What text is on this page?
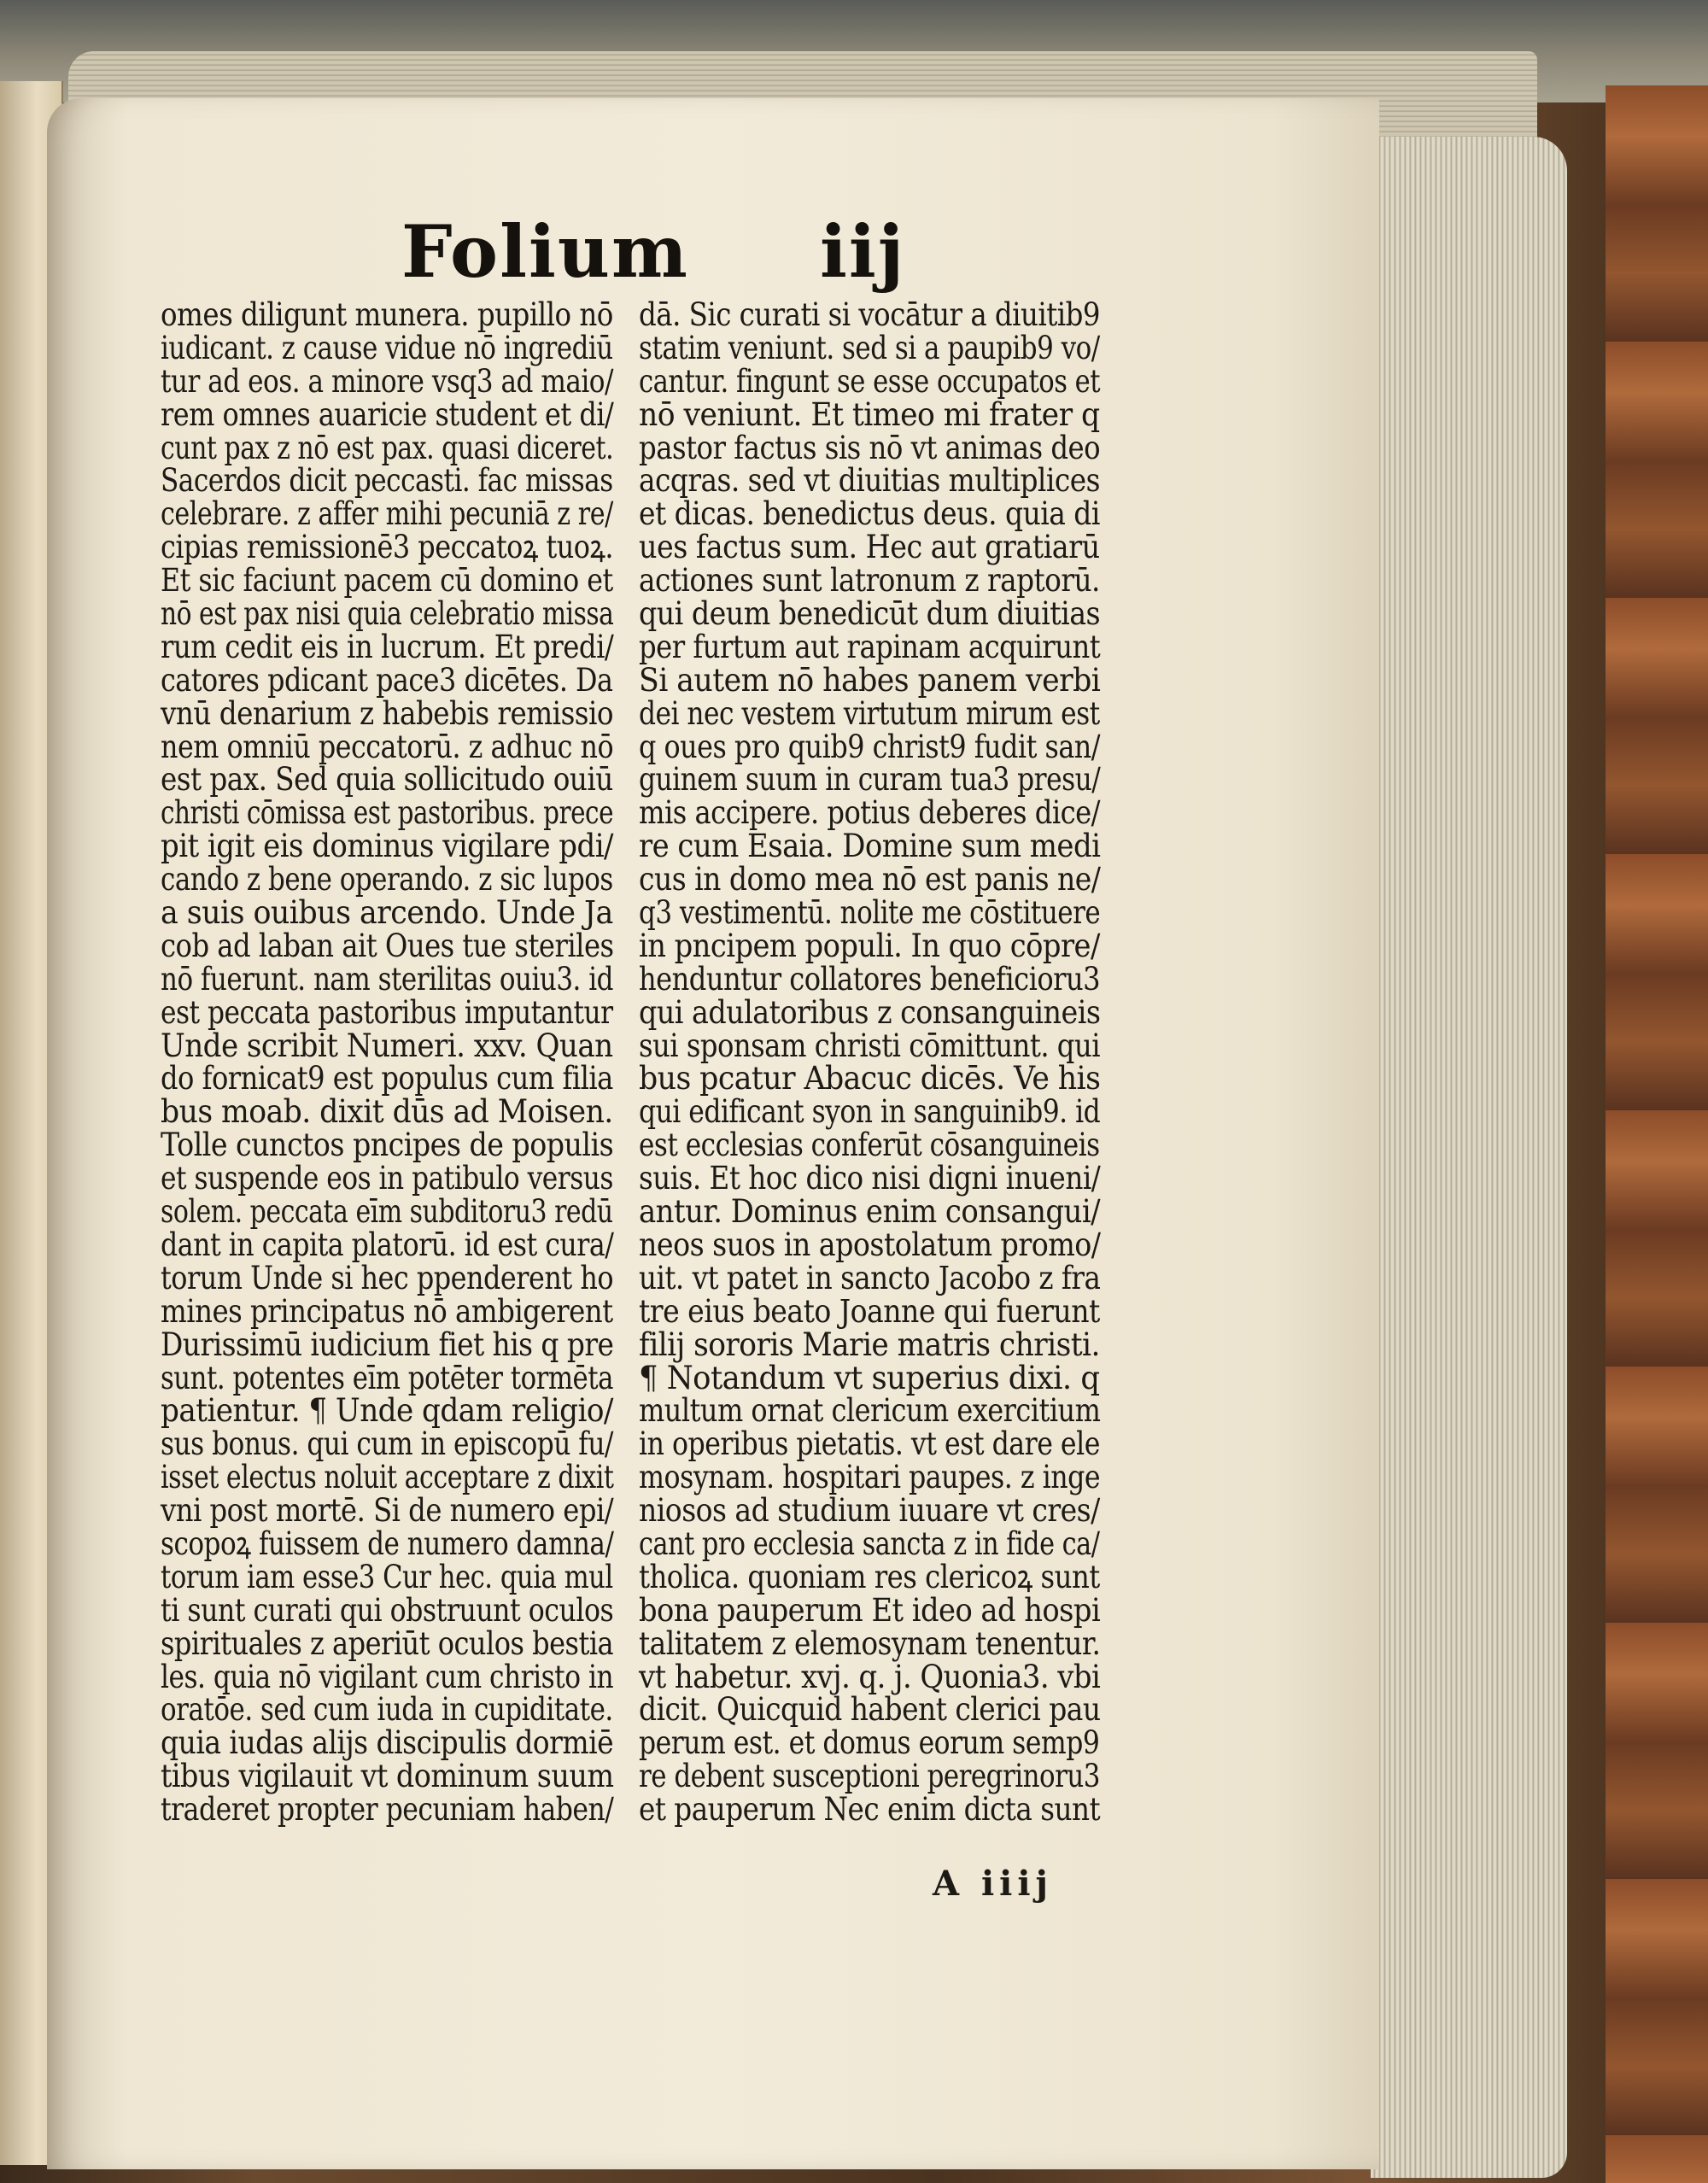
Folium iij
omes diligunt munera. pupillo nō
iudicant. z cause vidue nō ingrediū
tur ad eos. a minore vsq3 ad maio/
rem omnes auaricie student et di/
cunt pax z nō est pax. quasi diceret.
Sacerdos dicit peccasti. fac missas
celebrare. z affer mihi pecuniā z re/
cipias remissionē3 peccatoꝝ tuoꝝ.
Et sic faciunt pacem cū domino et
nō est pax nisi quia celebratio missa
rum cedit eis in lucrum. Et predi/
catores pdicant pace3 dicētes. Da
vnū denarium z habebis remissio
nem omniū peccatorū. z adhuc nō
est pax. Sed quia sollicitudo ouiū
christi cōmissa est pastoribus. prece
pit igit eis dominus vigilare pdi/
cando z bene operando. z sic lupos
a suis ouibus arcendo. Unde Ja
cob ad laban ait Oues tue steriles
nō fuerunt. nam sterilitas ouiu3. id
est peccata pastoribus imputantur
Unde scribit Numeri. xxv. Quan
do fornicat9 est populus cum filia
bus moab. dixit dūs ad Moisen.
Tolle cunctos pncipes de populis
et suspende eos in patibulo versus
solem. peccata eīm subditoru3 redū
dant in capita platorū. id est cura/
torum Unde si hec ppenderent ho
mines principatus nō ambigerent
Durissimū iudicium fiet his q pre
sunt. potentes eīm potēter tormēta
patientur. ¶ Unde qdam religio/
sus bonus. qui cum in episcopū fu/
isset electus noluit acceptare z dixit
vni post mortē. Si de numero epi/
scopoꝝ fuissem de numero damna/
torum iam esse3 Cur hec. quia mul
ti sunt curati qui obstruunt oculos
spirituales z aperiūt oculos bestia
les. quia nō vigilant cum christo in
oratōe. sed cum iuda in cupiditate.
quia iudas alijs discipulis dormiē
tibus vigilauit vt dominum suum
traderet propter pecuniam haben/
dā. Sic curati si vocātur a diuitib9
statim veniunt. sed si a paupib9 vo/
cantur. fingunt se esse occupatos et
nō veniunt. Et timeo mi frater q
pastor factus sis nō vt animas deo
acqras. sed vt diuitias multiplices
et dicas. benedictus deus. quia di
ues factus sum. Hec aut gratiarū
actiones sunt latronum z raptorū.
qui deum benedicūt dum diuitias
per furtum aut rapinam acquirunt
Si autem nō habes panem verbi
dei nec vestem virtutum mirum est
q oues pro quib9 christ9 fudit san/
guinem suum in curam tua3 presu/
mis accipere. potius deberes dice/
re cum Esaia. Domine sum medi
cus in domo mea nō est panis ne/
q3 vestimentū. nolite me cōstituere
in pncipem populi. In quo cōpre/
henduntur collatores beneficioru3
qui adulatoribus z consanguineis
sui sponsam christi cōmittunt. qui
bus pcatur Abacuc dicēs. Ve his
qui edificant syon in sanguinib9. id
est ecclesias conferūt cōsanguineis
suis. Et hoc dico nisi digni inueni/
antur. Dominus enim consangui/
neos suos in apostolatum promo/
uit. vt patet in sancto Jacobo z fra
tre eius beato Joanne qui fuerunt
filij sororis Marie matris christi.
¶ Notandum vt superius dixi. q
multum ornat clericum exercitium
in operibus pietatis. vt est dare ele
mosynam. hospitari paupes. z inge
niosos ad studium iuuare vt cres/
cant pro ecclesia sancta z in fide ca/
tholica. quoniam res clericoꝝ sunt
bona pauperum Et ideo ad hospi
talitatem z elemosynam tenentur.
vt habetur. xvj. q. j. Quonia3. vbi
dicit. Quicquid habent clerici pau
perum est. et domus eorum semp9
re debent susceptioni peregrinoru3
et pauperum Nec enim dicta sunt
A iiij
